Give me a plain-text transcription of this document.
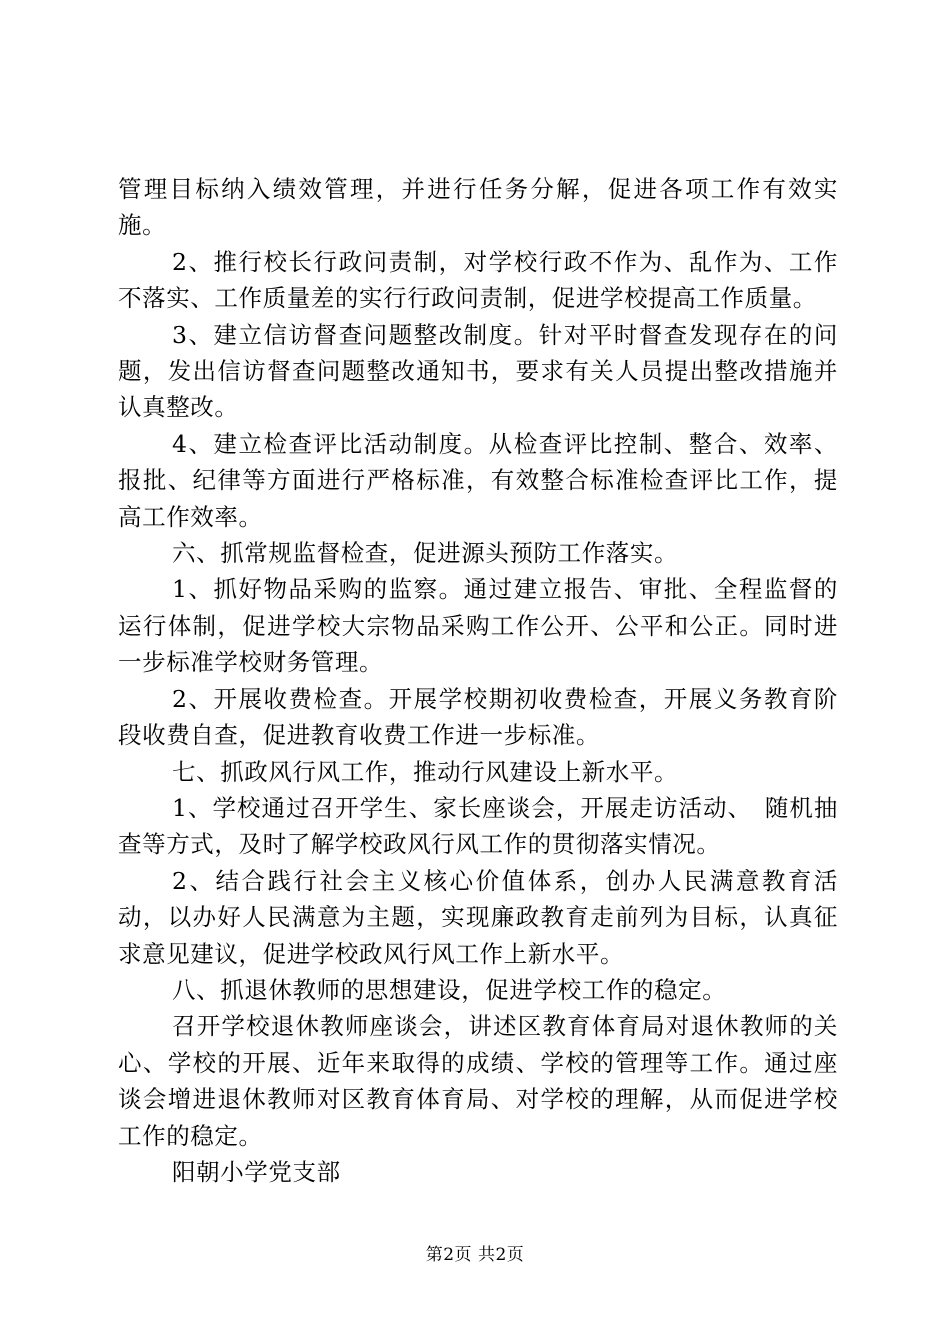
管理目标纳入绩效管理，并进行任务分解，促进各项工作有效实施。

2、推行校长行政问责制，对学校行政不作为、乱作为、工作不落实、工作质量差的实行行政问责制，促进学校提高工作质量。

3、建立信访督查问题整改制度。针对平时督查发现存在的问题，发出信访督查问题整改通知书，要求有关人员提出整改措施并认真整改。

4、建立检查评比活动制度。从检查评比控制、整合、效率、报批、纪律等方面进行严格标准，有效整合标准检查评比工作，提高工作效率。

六、抓常规监督检查，促进源头预防工作落实。

1、抓好物品采购的监察。通过建立报告、审批、全程监督的运行体制，促进学校大宗物品采购工作公开、公平和公正。同时进一步标准学校财务管理。

2、开展收费检查。开展学校期初收费检查，开展义务教育阶段收费自查，促进教育收费工作进一步标准。

七、抓政风行风工作，推动行风建设上新水平。

1、学校通过召开学生、家长座谈会，开展走访活动、　随机抽查等方式，及时了解学校政风行风工作的贯彻落实情况。

2、结合践行社会主义核心价值体系，创办人民满意教育活动，以办好人民满意为主题，实现廉政教育走前列为目标，认真征求意见建议，促进学校政风行风工作上新水平。

八、抓退休教师的思想建设，促进学校工作的稳定。

召开学校退休教师座谈会，讲述区教育体育局对退休教师的关心、学校的开展、近年来取得的成绩、学校的管理等工作。通过座谈会增进退休教师对区教育体育局、对学校的理解，从而促进学校工作的稳定。

阳朝小学党支部

第2页 共2页
